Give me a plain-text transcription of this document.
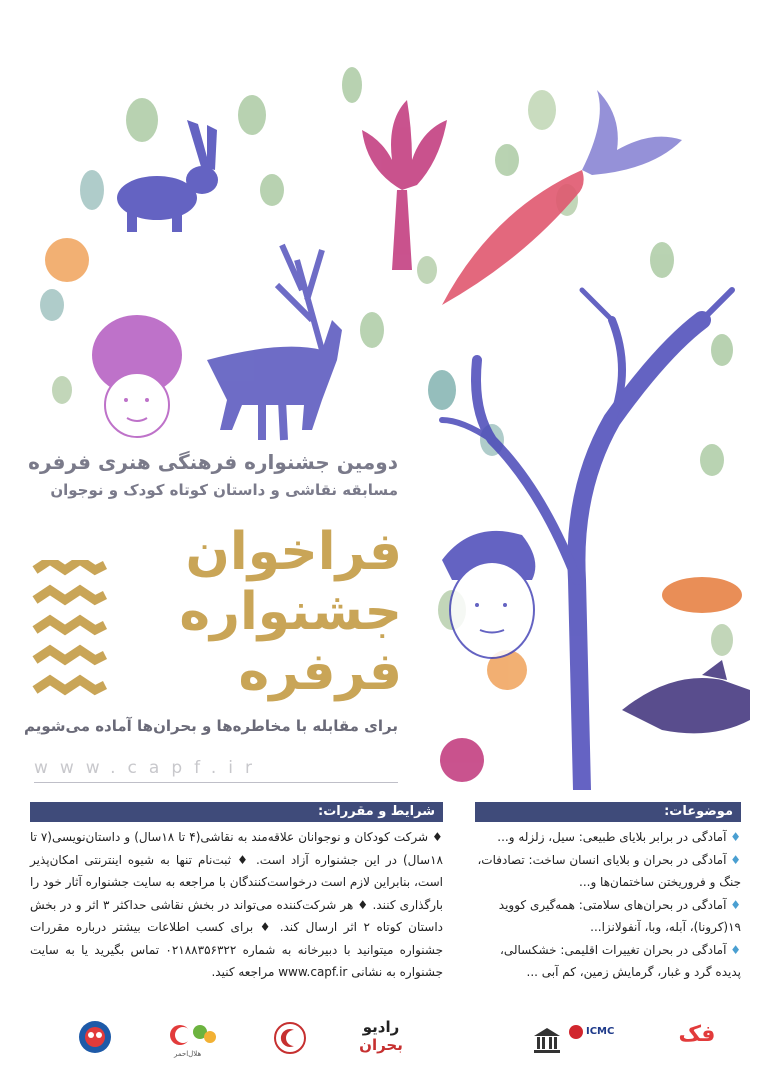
دومین جشنواره فرهنگی هنری فرفره
مسابقه نقاشی و داستان کوتاه کودک و نوجوان
فراخوان
جشنواره
فرفره
برای مقابله با مخاطره‌ها و بحران‌ها آماده می‌شویم
www.capf.ir
شرایط و مقررات:	موضوعات:
♦ شرکت کودکان و نوجوانان علاقه‌مند به نقاشی(۴ تا ۱۸سال) و داستان‌نویسی(۷ تا ۱۸سال) در این جشنواره آزاد است. ♦ ثبت‌نام تنها به شیوه اینترنتی امکان‌پذیر است، بنابراین لازم است درخواست‌کنندگان با مراجعه به سایت جشنواره آثار خود را بارگذاری کنند. ♦ هر شرکت‌کننده می‌تواند در بخش نقاشی حداکثر ۳ اثر و در بخش داستان کوتاه ۲ اثر ارسال کند. ♦ برای کسب اطلاعات بیشتر درباره مقررات جشنواره میتوانید با دبیرخانه به شماره ۰۲۱۸۸۳۵۶۳۲۲ تماس بگیرید یا به سایت جشنواره به نشانی www.capf.ir مراجعه کنید.
♦ آمادگی در برابر بلایای طبیعی: سیل، زلزله و...
♦ آمادگی در بحران و بلایای انسان ساخت: تصادفات، جنگ و فروریختن ساختمان‌ها و...
♦ آمادگی در بحران‌های سلامتی: همه‌گیری کووید ۱۹(کرونا)، آبله، وبا، آنفولانزا...
♦ آمادگی در بحران تغییرات اقلیمی: خشکسالی، پدیده گرد و غبار، گرمایش زمین، کم آبی ...
هلال‌احمر
رادیو
بحران
ICMC	فک
